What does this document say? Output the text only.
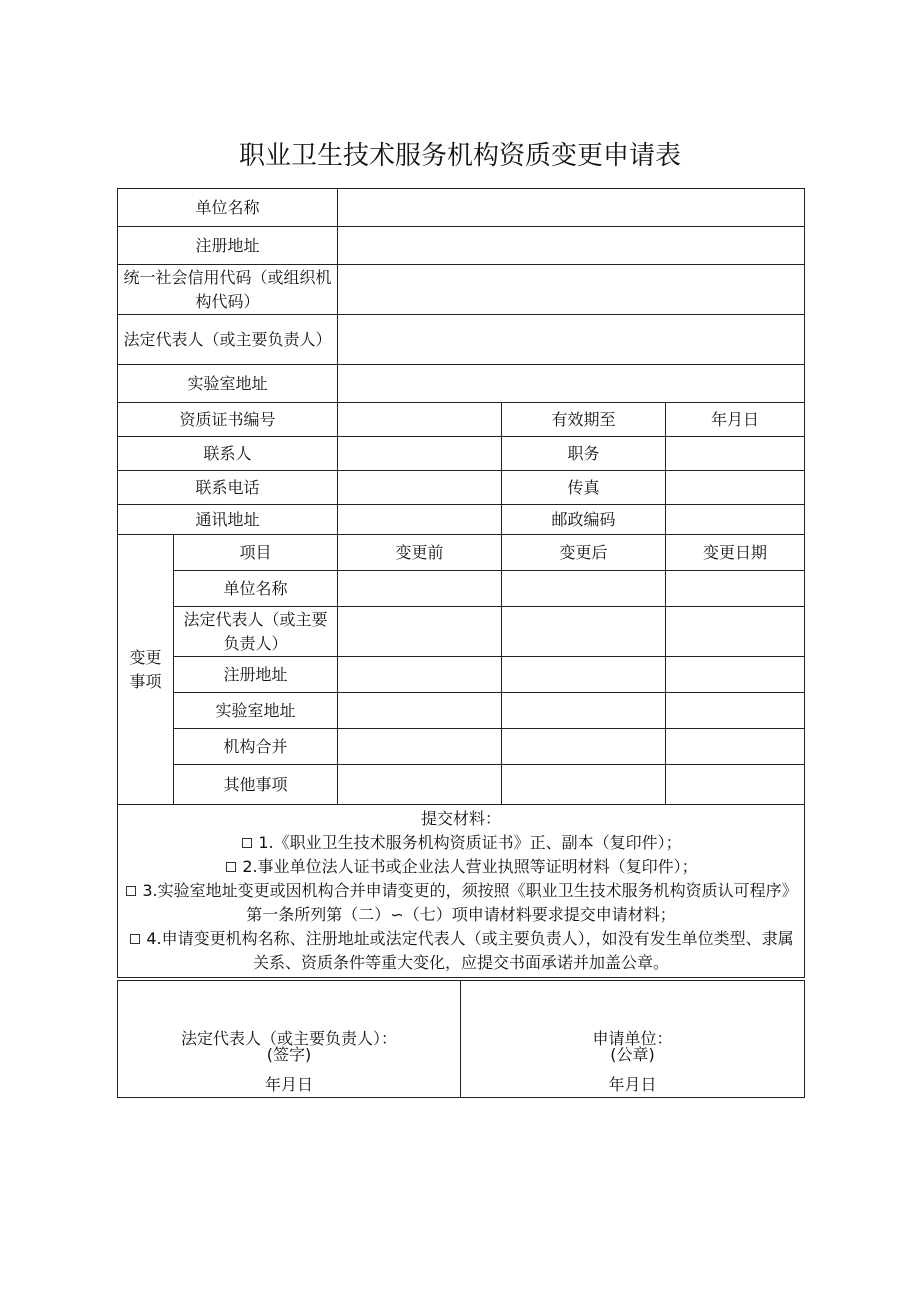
职业卫生技术服务机构资质变更申请表
单位名称				
注册地址				
统一社会信用代码（或组织机构代码）				
法定代表人（或主要负责人）				
实验室地址				
资质证书编号			有效期至	年月日
联系人			职务	
联系电话			传真	
通讯地址			邮政编码	
变更事项	项目	变更前	变更后	变更日期
	单位名称			
	法定代表人（或主要负责人）			
	注册地址			
	实验室地址			
	机构合并			
	其他事项			

提交材料：
1.《职业卫生技术服务机构资质证书》正、副本（复印件）；
2.事业单位法人证书或企业法人营业执照等证明材料（复印件）；
3.实验室地址变更或因机构合并申请变更的，须按照《职业卫生技术服务机构资质认可程序》第一条所列第（二）∽（七）项申请材料要求提交申请材料；
4.申请变更机构名称、注册地址或法定代表人（或主要负责人），如没有发生单位类型、隶属关系、资质条件等重大变化，应提交书面承诺并加盖公章。				
法定代表人（或主要负责人）：
(签字)
年月日

申请单位：
(公章)
年月日
